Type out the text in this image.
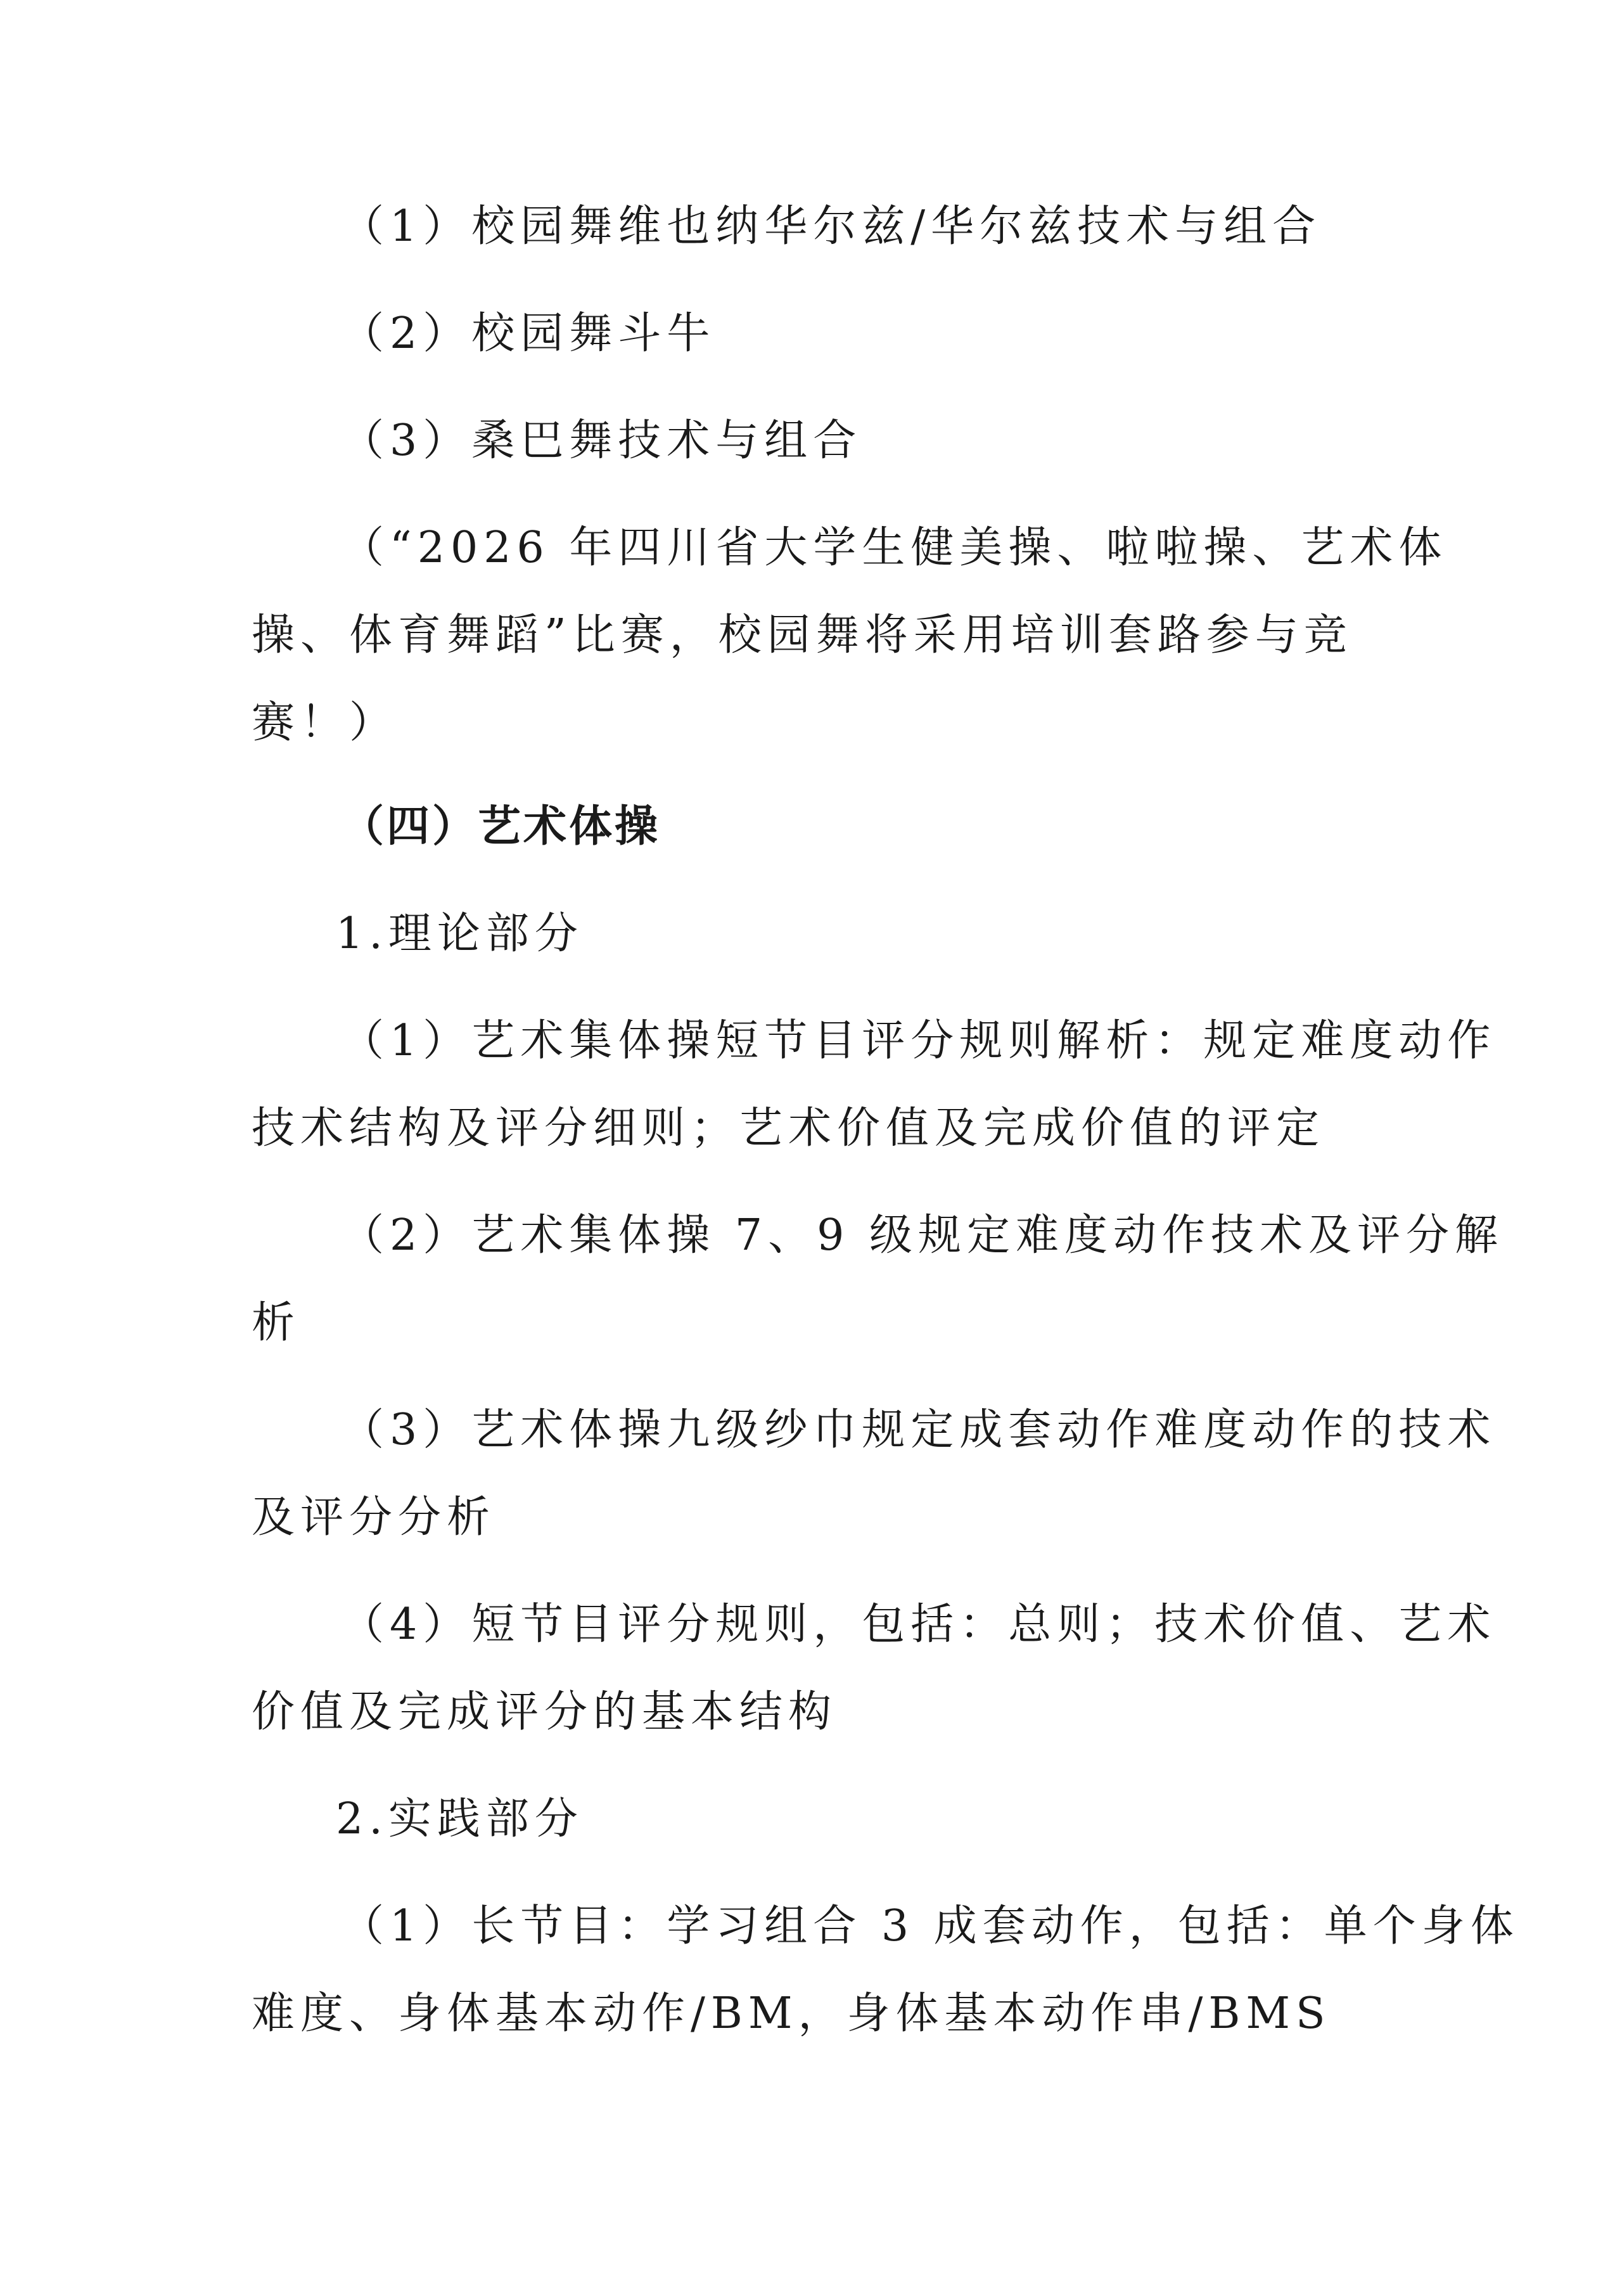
（1）校园舞维也纳华尔兹/华尔兹技术与组合

（2）校园舞斗牛

（3）桑巴舞技术与组合

（“2026 年四川省大学生健美操、啦啦操、艺术体

操、体育舞蹈”比赛，校园舞将采用培训套路参与竞

赛！）

（四）艺术体操

1.理论部分

（1）艺术集体操短节目评分规则解析：规定难度动作

技术结构及评分细则；艺术价值及完成价值的评定

（2）艺术集体操 7、9 级规定难度动作技术及评分解

析

（3）艺术体操九级纱巾规定成套动作难度动作的技术

及评分分析

（4）短节目评分规则，包括：总则；技术价值、艺术

价值及完成评分的基本结构

2.实践部分

（1）长节目：学习组合 3 成套动作，包括：单个身体

难度、身体基本动作/BM，身体基本动作串/BMS
